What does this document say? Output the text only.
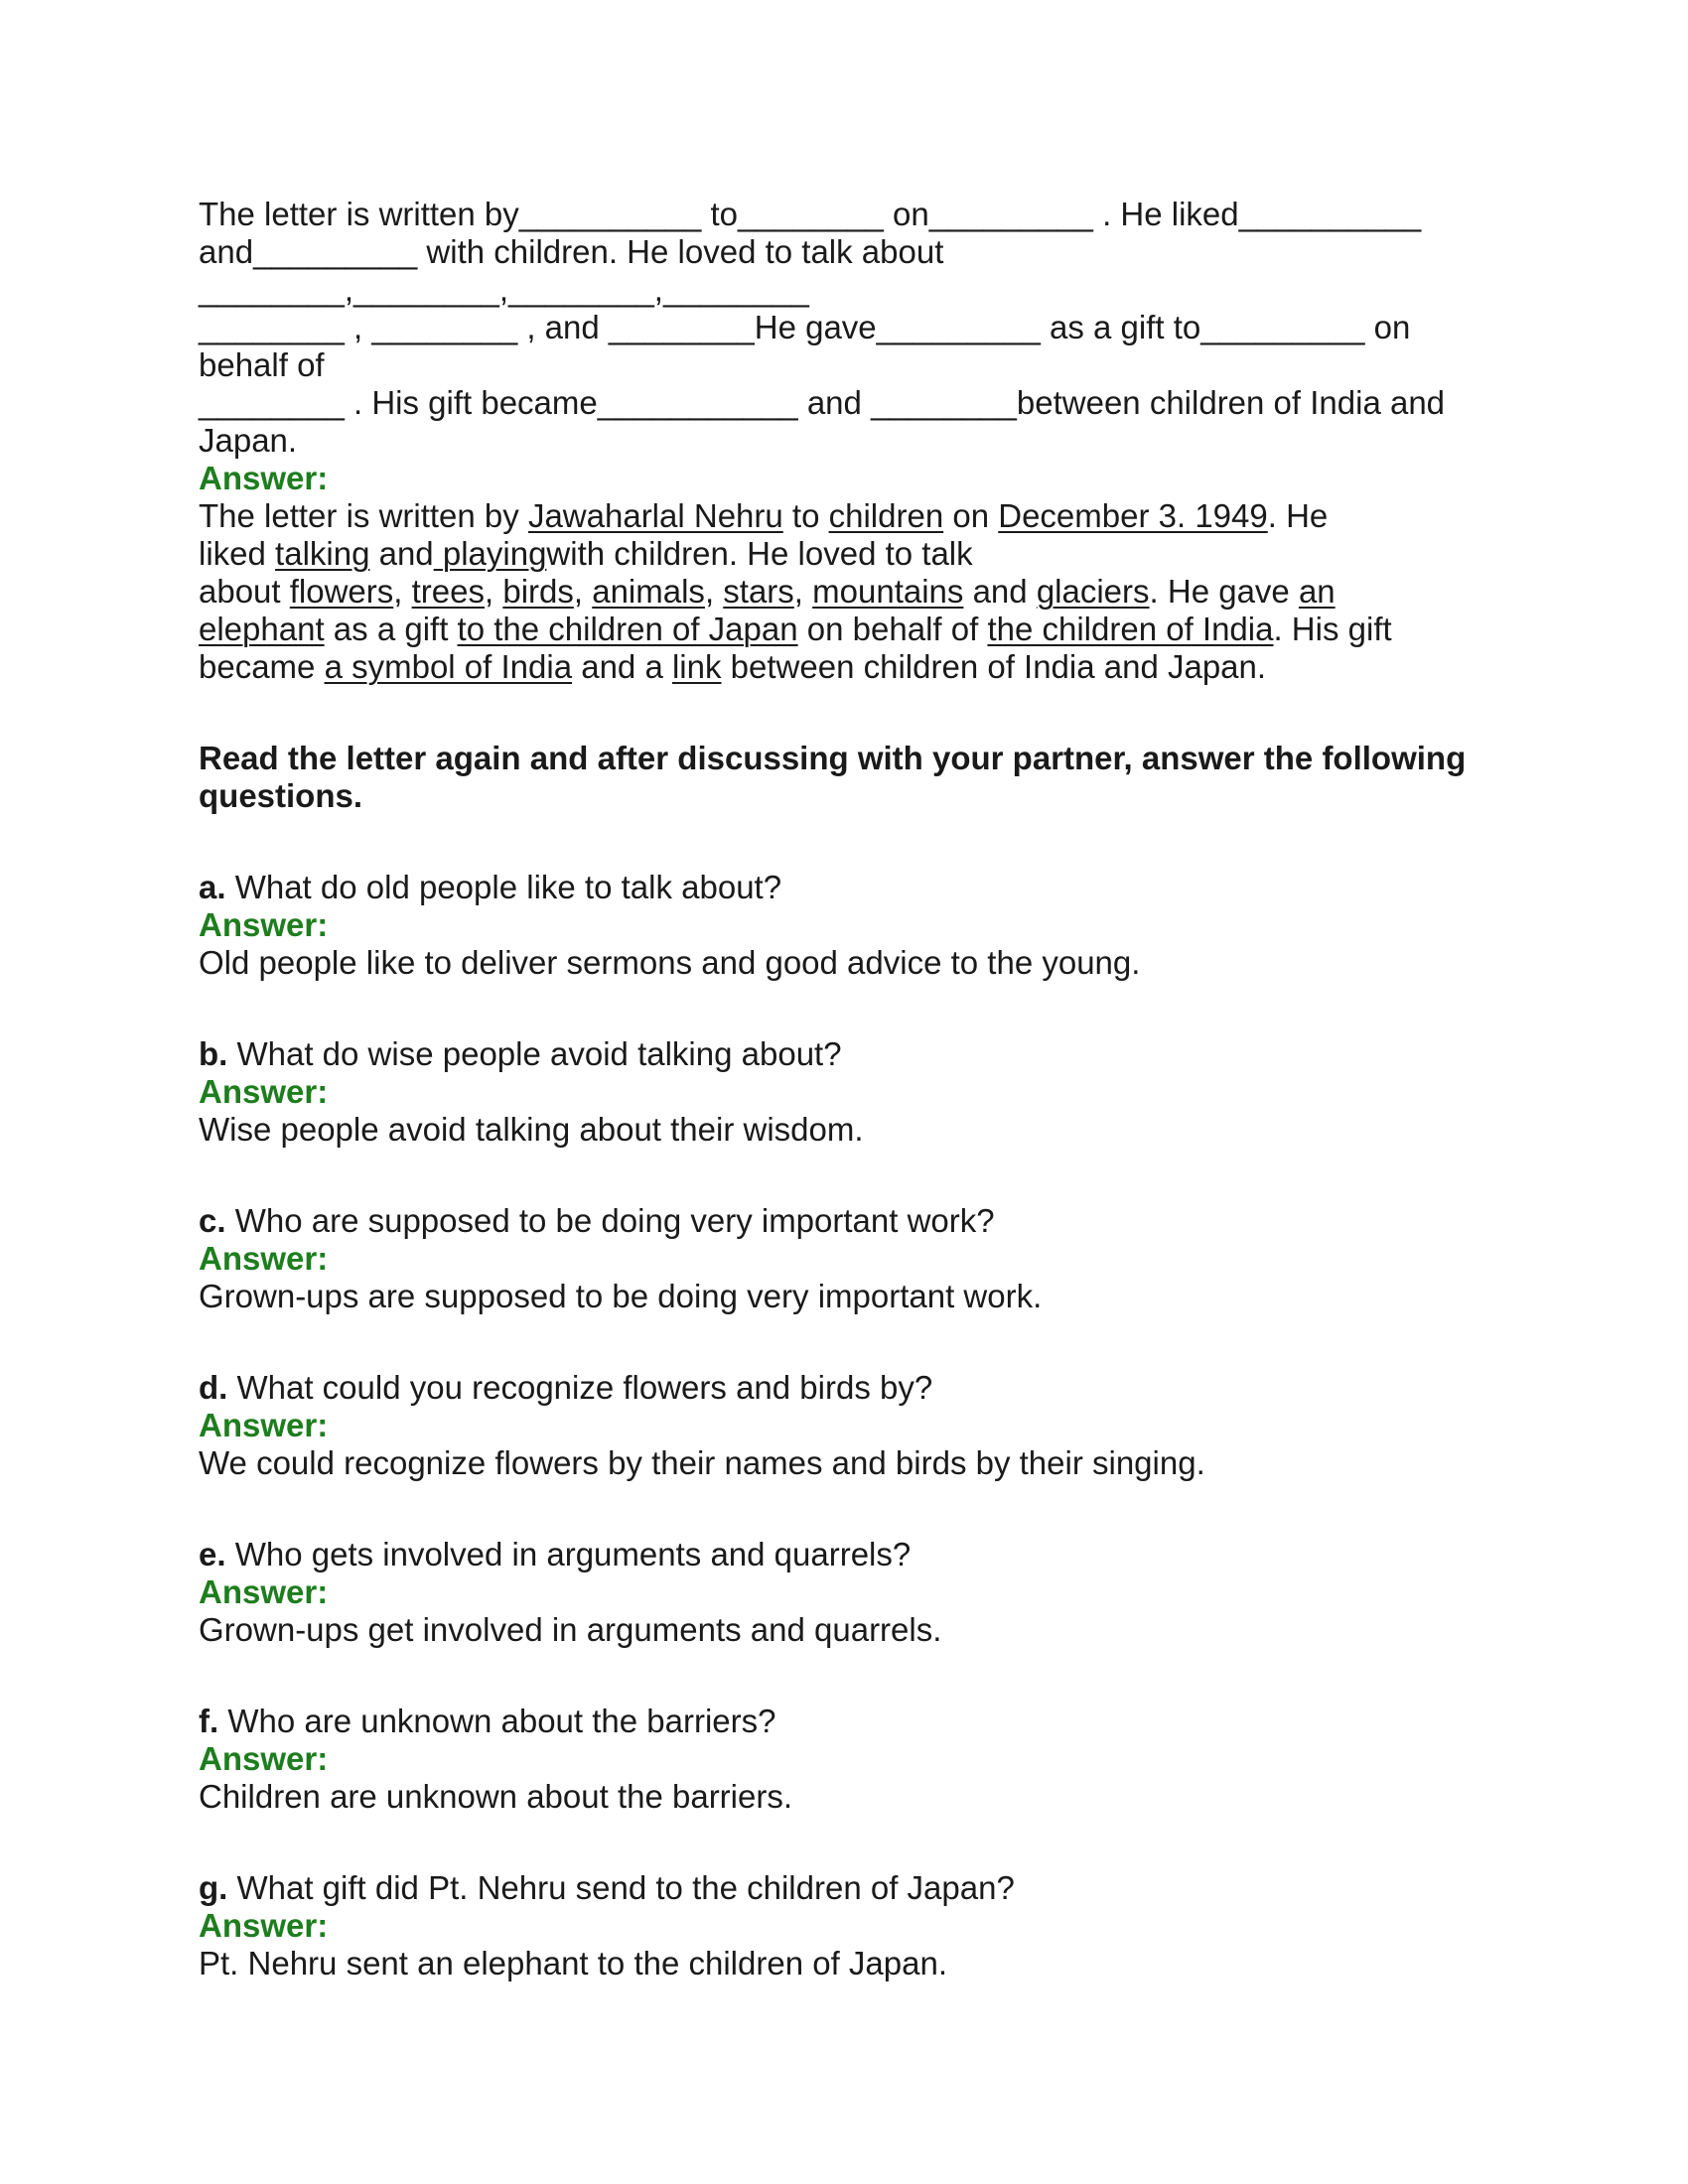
The letter is written by__________ to________ on_________ . He liked__________
and_________ with children. He loved to talk about ________,________,________,________
________ , ________ , and ________He gave_________ as a gift to_________ on behalf of
________ . His gift became___________ and ________between children of India and
Japan.

Answer:

The letter is written by Jawaharlal Nehru to children on December 3. 1949. He
liked talking and playingwith children. He loved to talk
about flowers, trees, birds, animals, stars, mountains and glaciers. He gave an
elephant as a gift to the children of Japan on behalf of the children of India. His gift
became a symbol of India and a link between children of India and Japan.

Read the letter again and after discussing with your partner, answer the following questions.

a. What do old people like to talk about?
Answer:
Old people like to deliver sermons and good advice to the young.
b. What do wise people avoid talking about?
Answer:
Wise people avoid talking about their wisdom.
c. Who are supposed to be doing very important work?
Answer:
Grown-ups are supposed to be doing very important work.
d. What could you recognize flowers and birds by?
Answer:
We could recognize flowers by their names and birds by their singing.
e. Who gets involved in arguments and quarrels?
Answer:
Grown-ups get involved in arguments and quarrels.
f. Who are unknown about the barriers?
Answer:
Children are unknown about the barriers.
g. What gift did Pt. Nehru send to the children of Japan?
Answer:
Pt. Nehru sent an elephant to the children of Japan.
